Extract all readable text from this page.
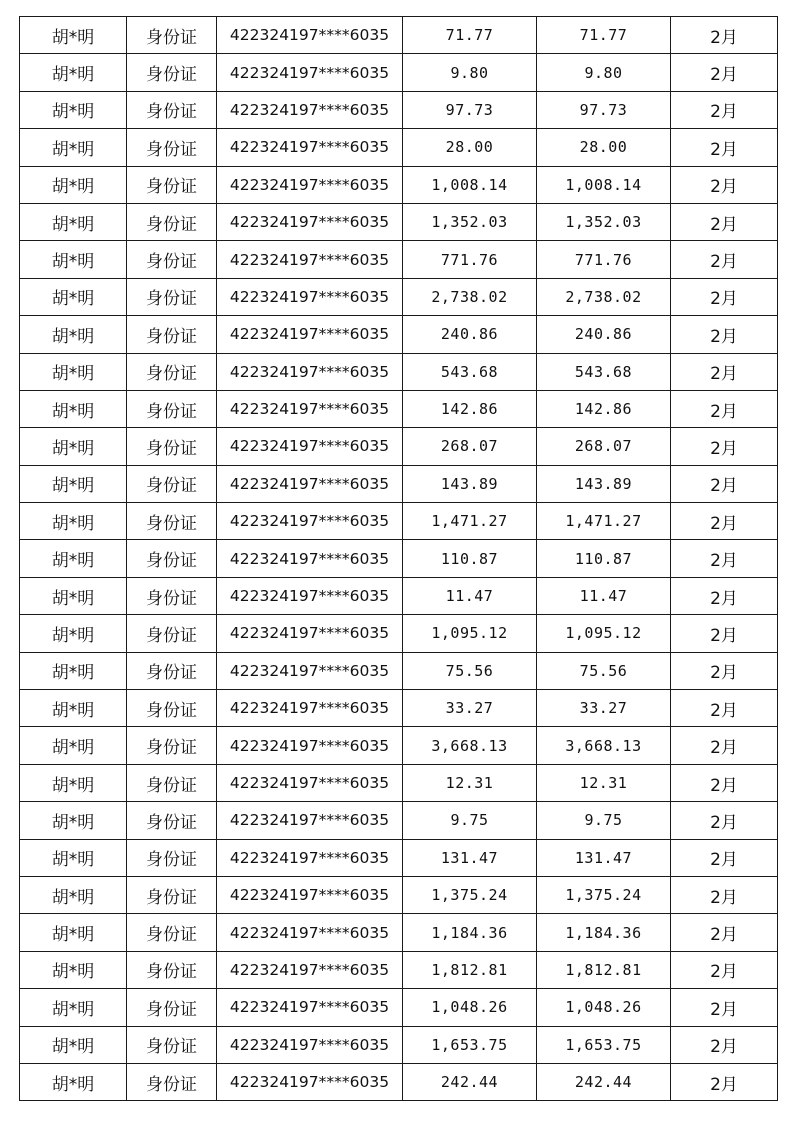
胡*明	身份证	422324197****6035	71.77	71.77	2月
胡*明	身份证	422324197****6035	9.80	9.80	2月
胡*明	身份证	422324197****6035	97.73	97.73	2月
胡*明	身份证	422324197****6035	28.00	28.00	2月
胡*明	身份证	422324197****6035	1,008.14	1,008.14	2月
胡*明	身份证	422324197****6035	1,352.03	1,352.03	2月
胡*明	身份证	422324197****6035	771.76	771.76	2月
胡*明	身份证	422324197****6035	2,738.02	2,738.02	2月
胡*明	身份证	422324197****6035	240.86	240.86	2月
胡*明	身份证	422324197****6035	543.68	543.68	2月
胡*明	身份证	422324197****6035	142.86	142.86	2月
胡*明	身份证	422324197****6035	268.07	268.07	2月
胡*明	身份证	422324197****6035	143.89	143.89	2月
胡*明	身份证	422324197****6035	1,471.27	1,471.27	2月
胡*明	身份证	422324197****6035	110.87	110.87	2月
胡*明	身份证	422324197****6035	11.47	11.47	2月
胡*明	身份证	422324197****6035	1,095.12	1,095.12	2月
胡*明	身份证	422324197****6035	75.56	75.56	2月
胡*明	身份证	422324197****6035	33.27	33.27	2月
胡*明	身份证	422324197****6035	3,668.13	3,668.13	2月
胡*明	身份证	422324197****6035	12.31	12.31	2月
胡*明	身份证	422324197****6035	9.75	9.75	2月
胡*明	身份证	422324197****6035	131.47	131.47	2月
胡*明	身份证	422324197****6035	1,375.24	1,375.24	2月
胡*明	身份证	422324197****6035	1,184.36	1,184.36	2月
胡*明	身份证	422324197****6035	1,812.81	1,812.81	2月
胡*明	身份证	422324197****6035	1,048.26	1,048.26	2月
胡*明	身份证	422324197****6035	1,653.75	1,653.75	2月
胡*明	身份证	422324197****6035	242.44	242.44	2月
